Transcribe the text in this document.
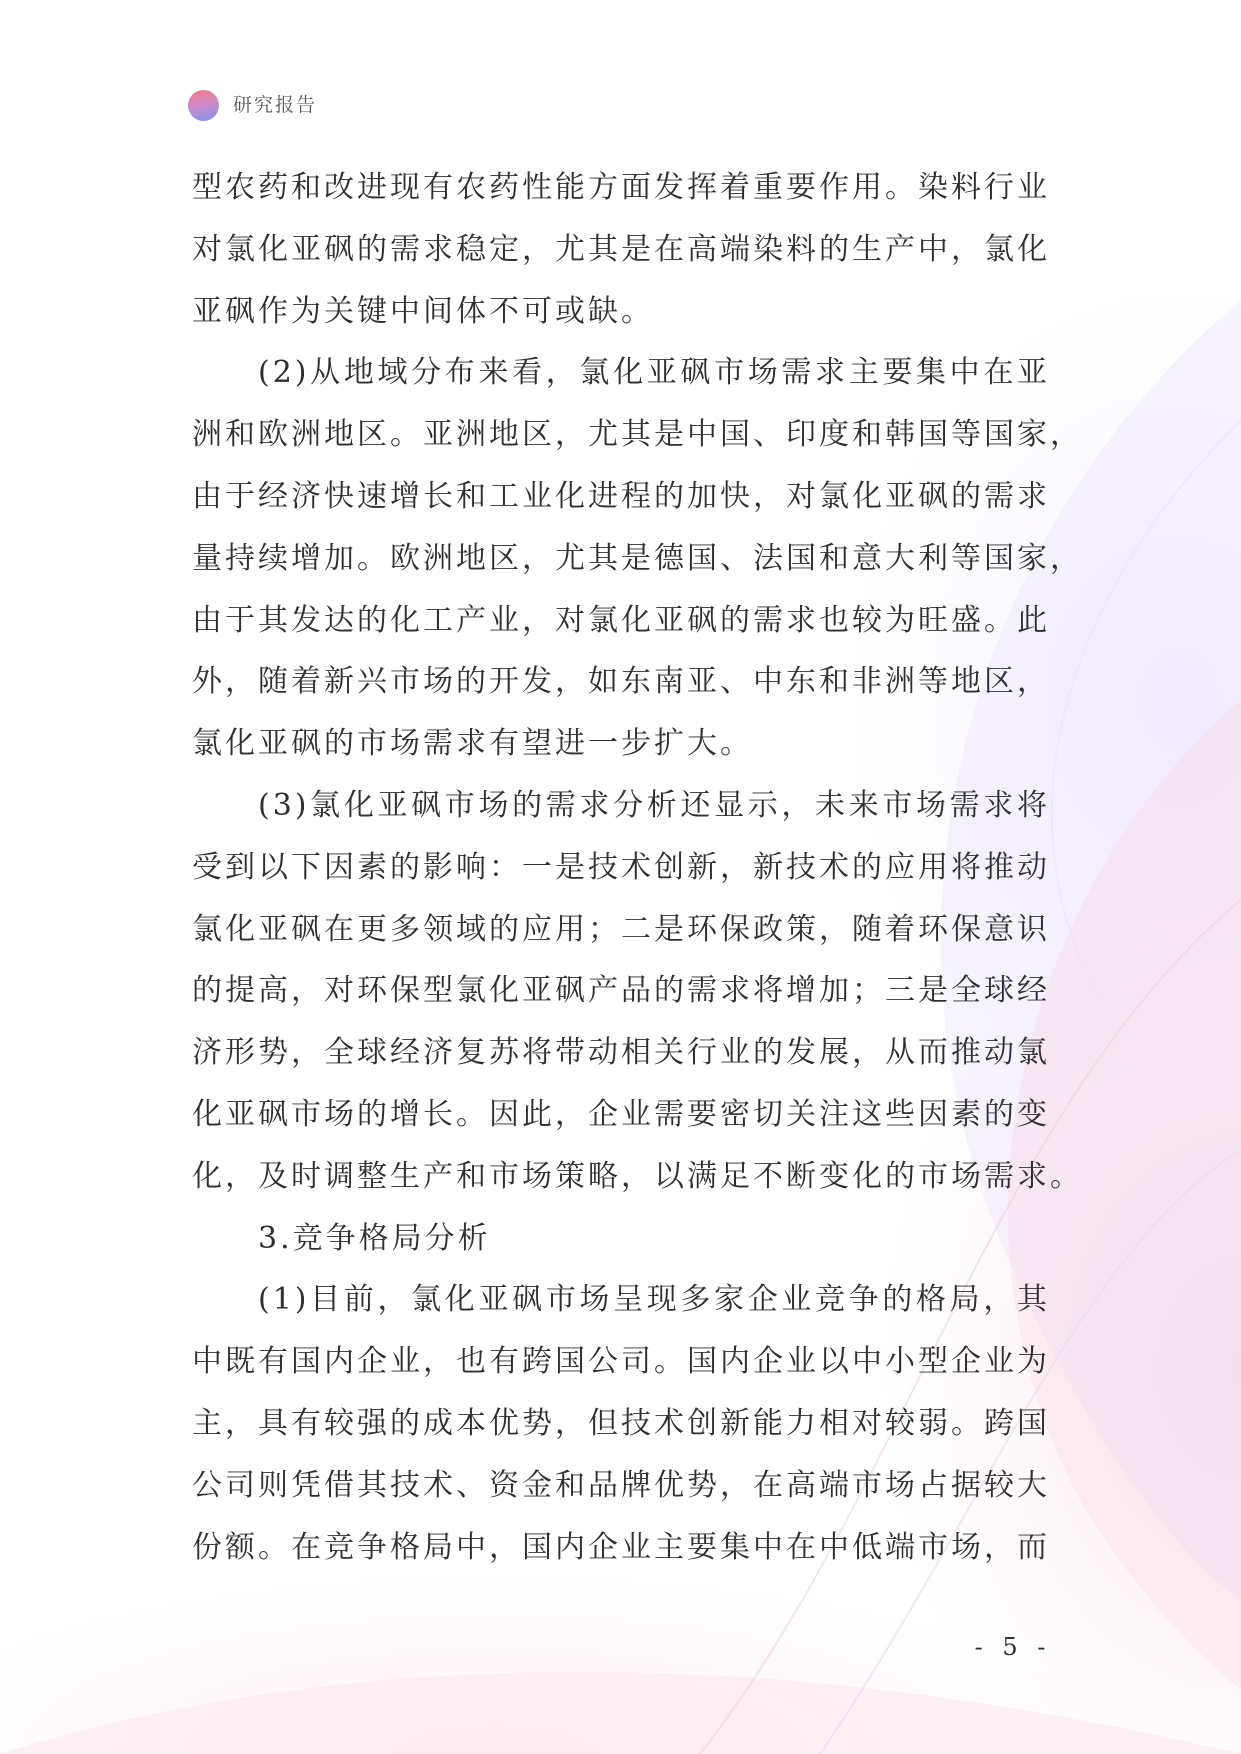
研究报告
型农药和改进现有农药性能方面发挥着重要作用。染料行业
对氯化亚砜的需求稳定，尤其是在高端染料的生产中，氯化
亚砜作为关键中间体不可或缺。
(2)从地域分布来看，氯化亚砜市场需求主要集中在亚
洲和欧洲地区。亚洲地区，尤其是中国、印度和韩国等国家，
由于经济快速增长和工业化进程的加快，对氯化亚砜的需求
量持续增加。欧洲地区，尤其是德国、法国和意大利等国家，
由于其发达的化工产业，对氯化亚砜的需求也较为旺盛。此
外，随着新兴市场的开发，如东南亚、中东和非洲等地区，
氯化亚砜的市场需求有望进一步扩大。
(3)氯化亚砜市场的需求分析还显示，未来市场需求将
受到以下因素的影响：一是技术创新，新技术的应用将推动
氯化亚砜在更多领域的应用；二是环保政策，随着环保意识
的提高，对环保型氯化亚砜产品的需求将增加；三是全球经
济形势，全球经济复苏将带动相关行业的发展，从而推动氯
化亚砜市场的增长。因此，企业需要密切关注这些因素的变
化，及时调整生产和市场策略，以满足不断变化的市场需求。
3.竞争格局分析
(1)目前，氯化亚砜市场呈现多家企业竞争的格局，其
中既有国内企业，也有跨国公司。国内企业以中小型企业为
主，具有较强的成本优势，但技术创新能力相对较弱。跨国
公司则凭借其技术、资金和品牌优势，在高端市场占据较大
份额。在竞争格局中，国内企业主要集中在中低端市场，而
- 5 -
